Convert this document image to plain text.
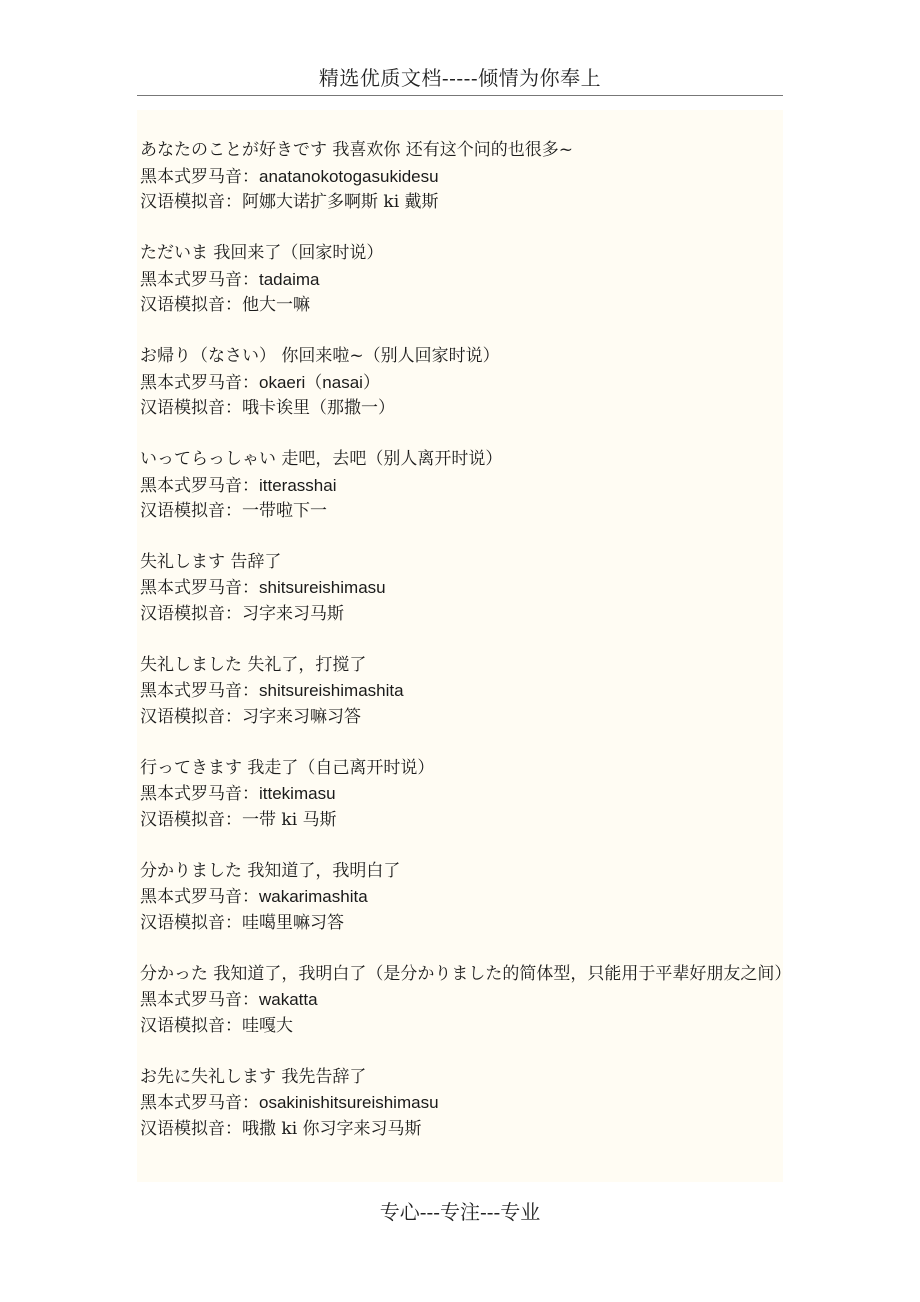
精选优质文档-----倾情为你奉上
あなたのことが好きです 我喜欢你 还有这个问的也很多~
黑本式罗马音：anatanokotogasukidesu
汉语模拟音：阿娜大诺扩多啊斯 ki 戴斯
ただいま 我回来了（回家时说）
黑本式罗马音：tadaima
汉语模拟音：他大一嘛
お帰り（なさい） 你回来啦~（别人回家时说）
黑本式罗马音：okaeri（nasai）
汉语模拟音：哦卡诶里（那撒一）
いってらっしゃい 走吧，去吧（别人离开时说）
黑本式罗马音：itterasshai
汉语模拟音：一带啦下一
失礼します 告辞了
黑本式罗马音：shitsureishimasu
汉语模拟音：习字来习马斯
失礼しました 失礼了，打搅了
黑本式罗马音：shitsureishimashita
汉语模拟音：习字来习嘛习答
行ってきます 我走了（自己离开时说）
黑本式罗马音：ittekimasu
汉语模拟音：一带 ki 马斯
分かりました 我知道了，我明白了
黑本式罗马音：wakarimashita
汉语模拟音：哇噶里嘛习答
分かった 我知道了，我明白了（是分かりました的简体型，只能用于平辈好朋友之间）
黑本式罗马音：wakatta
汉语模拟音：哇嘎大
お先に失礼します 我先告辞了
黑本式罗马音：osakinishitsureishimasu
汉语模拟音：哦撒 ki 你习字来习马斯
专心---专注---专业
